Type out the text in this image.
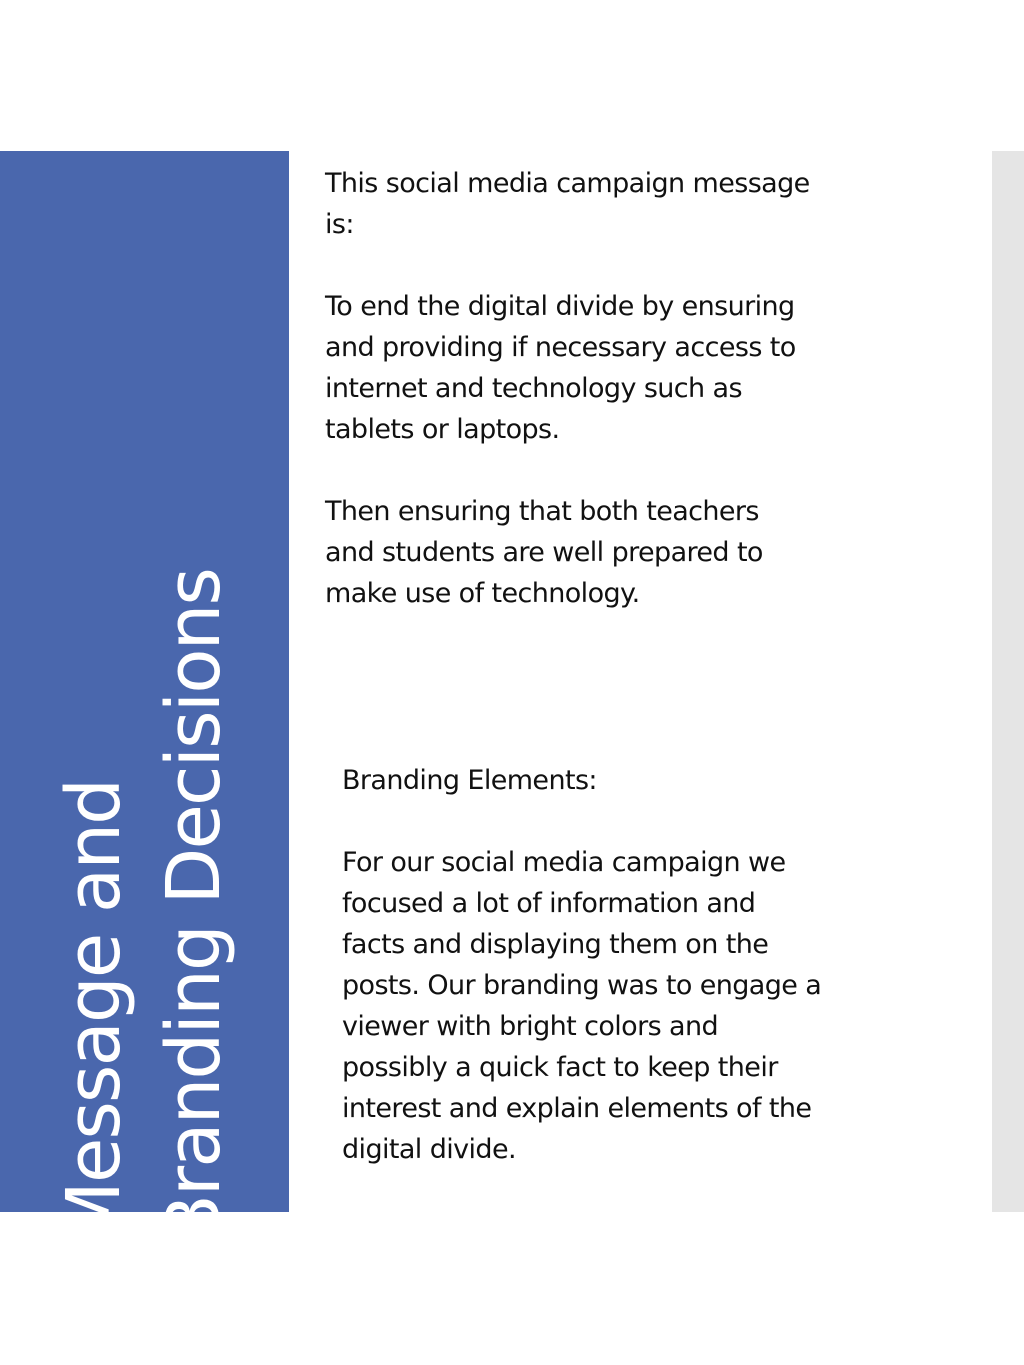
Message and Branding Decisions

This social media campaign message

is:

To end the digital divide by ensuring

and providing if necessary access to

internet and technology such as

tablets or laptops.

Then ensuring that both teachers

and students are well prepared to

make use of technology.

Branding Elements:

For our social media campaign we

focused a lot of information and

facts and displaying them on the

posts. Our branding was to engage a

viewer with bright colors and

possibly a quick fact to keep their

interest and explain elements of the

digital divide.
